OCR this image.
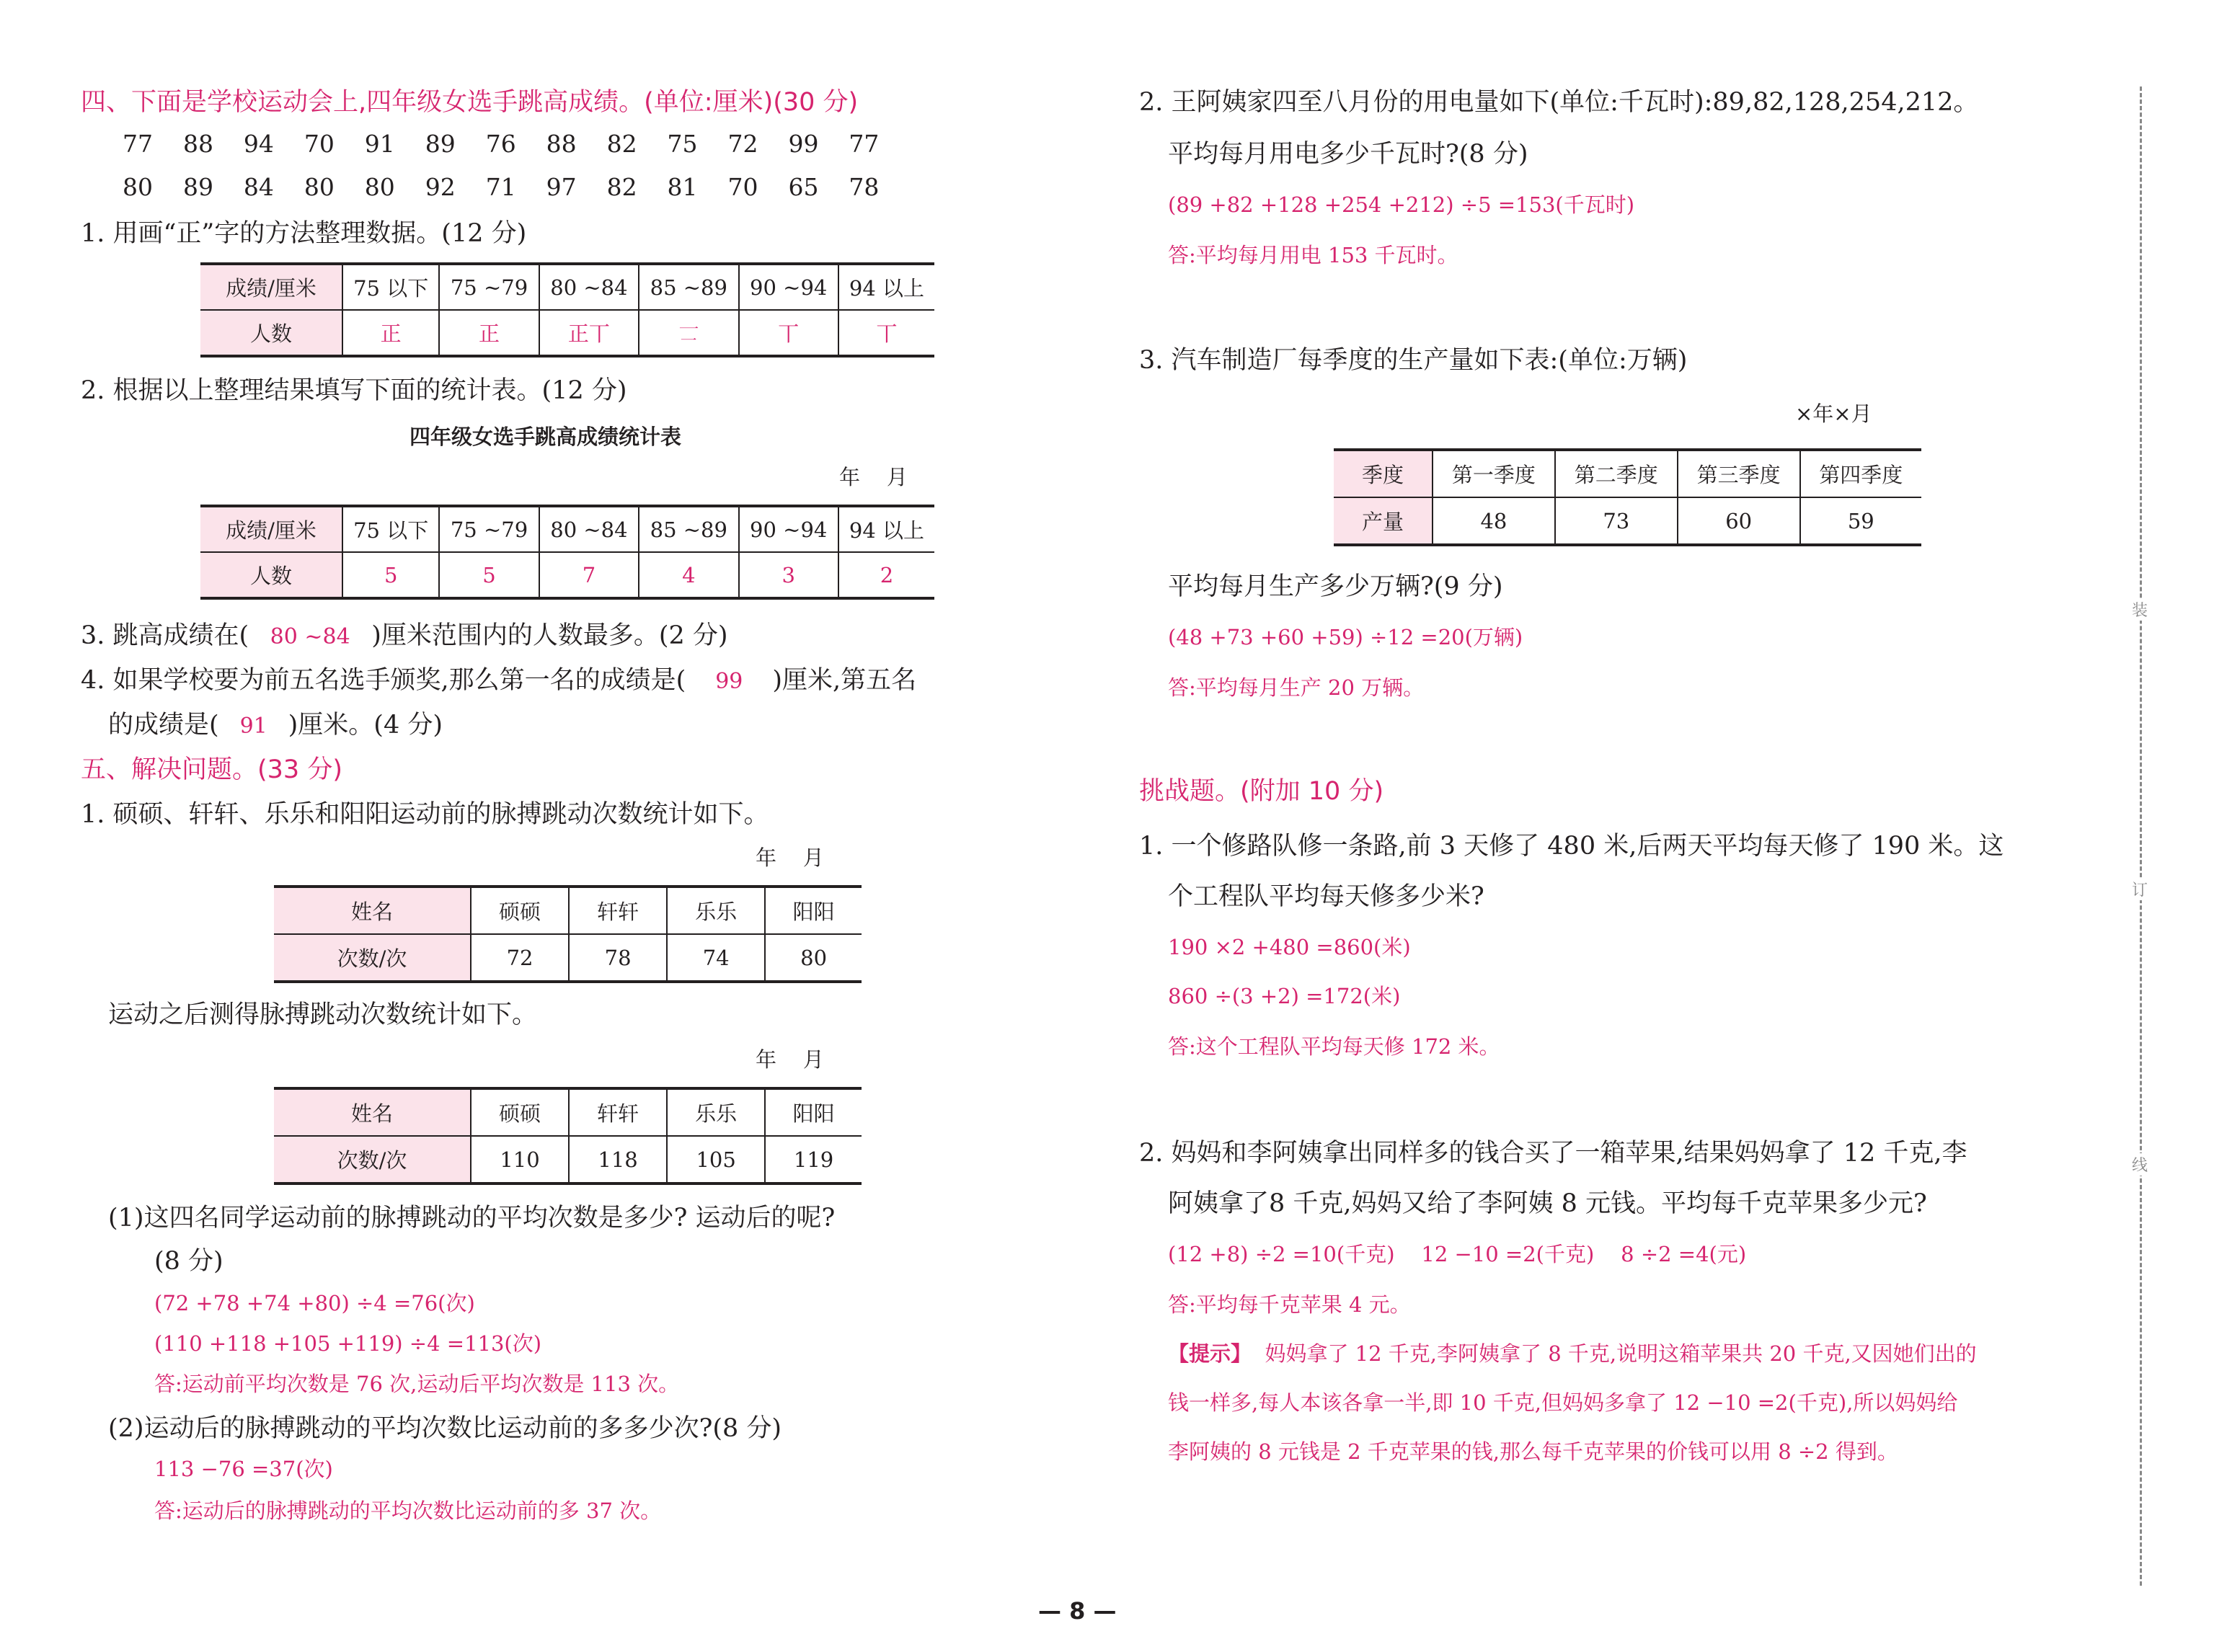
四、下面是学校运动会上,四年级女选手跳高成绩。(单位:厘米)(30 分)
77    88    94    70    91    89    76    88    82    75    72    99    77
80    89    84    80    80    92    71    97    82    81    70    65    78
1. 用画“正”字的方法整理数据。(12 分)
成绩/厘米	75 以下	75 ~79	80 ~84	85 ~89	90 ~94	94 以上
人数	正	正	正丅	𠄟	丅	丅
2. 根据以上整理结果填写下面的统计表。(12 分)
四年级女选手跳高成绩统计表
年    月
成绩/厘米	75 以下	75 ~79	80 ~84	85 ~89	90 ~94	94 以上
人数	5	5	7	4	3	2
3. 跳高成绩在( 80 ~84 )厘米范围内的人数最多。(2 分)
4. 如果学校要为前五名选手颁奖,那么第一名的成绩是( 99 )厘米,第五名
的成绩是( 91 )厘米。(4 分)
五、解决问题。(33 分)
1. 硕硕、轩轩、乐乐和阳阳运动前的脉搏跳动次数统计如下。
年    月
姓名	硕硕	轩轩	乐乐	阳阳
次数/次	72	78	74	80
运动之后测得脉搏跳动次数统计如下。
年    月
姓名	硕硕	轩轩	乐乐	阳阳
次数/次	110	118	105	119
(1)这四名同学运动前的脉搏跳动的平均次数是多少? 运动后的呢?
(8 分)
(72 +78 +74 +80) ÷4 =76(次)
(110 +118 +105 +119) ÷4 =113(次)
答:运动前平均次数是 76 次,运动后平均次数是 113 次。
(2)运动后的脉搏跳动的平均次数比运动前的多多少次?(8 分)
113 −76 =37(次)
答:运动后的脉搏跳动的平均次数比运动前的多 37 次。
2. 王阿姨家四至八月份的用电量如下(单位:千瓦时):89,82,128,254,212。
平均每月用电多少千瓦时?(8 分)
(89 +82 +128 +254 +212) ÷5 =153(千瓦时)
答:平均每月用电 153 千瓦时。
3. 汽车制造厂每季度的生产量如下表:(单位:万辆)
×年×月
季度	第一季度	第二季度	第三季度	第四季度
产量	48	73	60	59
平均每月生产多少万辆?(9 分)
(48 +73 +60 +59) ÷12 =20(万辆)
答:平均每月生产 20 万辆。
挑战题。(附加 10 分)
1. 一个修路队修一条路,前 3 天修了 480 米,后两天平均每天修了 190 米。这
个工程队平均每天修多少米?
190 ×2 +480 =860(米)
860 ÷(3 +2) =172(米)
答:这个工程队平均每天修 172 米。
2. 妈妈和李阿姨拿出同样多的钱合买了一箱苹果,结果妈妈拿了 12 千克,李
阿姨拿了8 千克,妈妈又给了李阿姨 8 元钱。平均每千克苹果多少元?
(12 +8) ÷2 =10(千克)    12 −10 =2(千克)    8 ÷2 =4(元)
答:平均每千克苹果 4 元。
【提示】 妈妈拿了 12 千克,李阿姨拿了 8 千克,说明这箱苹果共 20 千克,又因她们出的
钱一样多,每人本该各拿一半,即 10 千克,但妈妈多拿了 12 −10 =2(千克),所以妈妈给
李阿姨的 8 元钱是 2 千克苹果的钱,那么每千克苹果的价钱可以用 8 ÷2 得到。
装
订
线
— 8 —
